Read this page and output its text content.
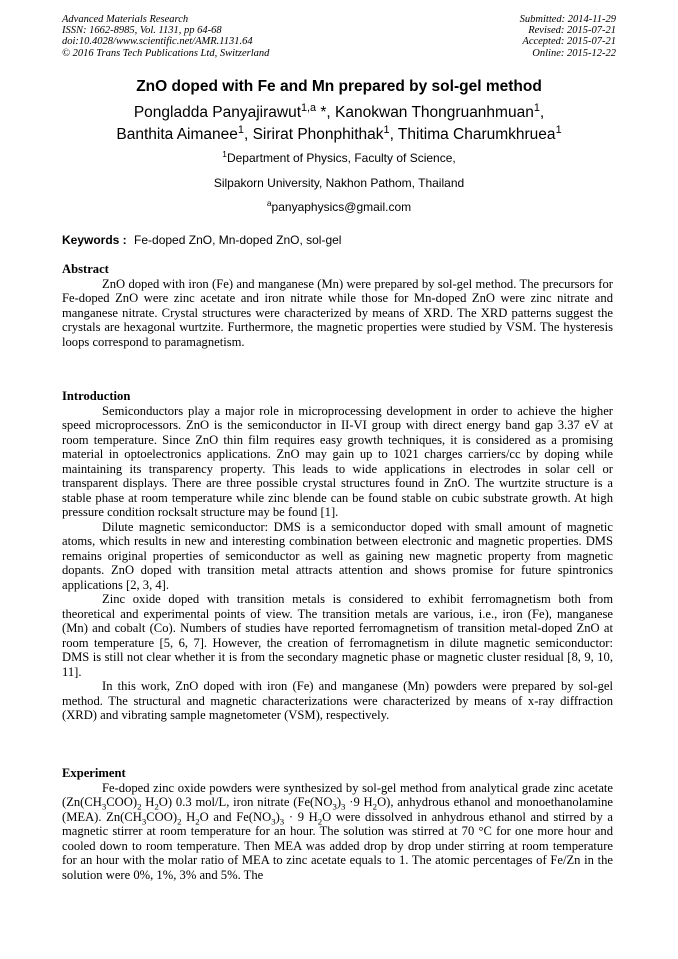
Advanced Materials Research
ISSN: 1662-8985, Vol. 1131, pp 64-68
doi:10.4028/www.scientific.net/AMR.1131.64
© 2016 Trans Tech Publications Ltd, Switzerland
Submitted: 2014-11-29
Revised: 2015-07-21
Accepted: 2015-07-21
Online: 2015-12-22
ZnO doped with Fe and Mn prepared by sol-gel method
Pongladda Panyajirawut$^{1,a}$ *, Kanokwan Thongruanhmuan$^1$,
Banthita Aimanee$^1$, Sirirat Phonphithak$^1$, Thitima Charumkhruea$^1$
$^1$Department of Physics, Faculty of Science,
Silpakorn University, Nakhon Pathom, Thailand
$^a$panyaphysics@gmail.com
Keywords : Fe-doped ZnO, Mn-doped ZnO, sol-gel
Abstract

ZnO doped with iron (Fe) and manganese (Mn) were prepared by sol-gel method. The precursors for Fe-doped ZnO were zinc acetate and iron nitrate while those for Mn-doped ZnO were zinc nitrate and manganese nitrate. Crystal structures were characterized by means of XRD. The XRD patterns suggest the crystals are hexagonal wurtzite. Furthermore, the magnetic properties were studied by VSM. The hysteresis loops correspond to paramagnetism.

Introduction

Semiconductors play a major role in microprocessing development in order to achieve the higher speed microprocessors. ZnO is the semiconductor in II-VI group with direct energy band gap 3.37 eV at room temperature. Since ZnO thin film requires easy growth techniques, it is considered as a promising material in optoelectronics applications. ZnO may gain up to 1021 charges carriers/cc by doping while maintaining its transparency property. This leads to wide applications in electrodes in solar cell or transparent displays. There are three possible crystal structures found in ZnO. The wurtzite structure is a stable phase at room temperature while zinc blende can be found stable on cubic substrate growth. At high pressure condition rocksalt structure may be found [1].

Dilute magnetic semiconductor: DMS is a semiconductor doped with small amount of magnetic atoms, which results in new and interesting combination between electronic and magnetic properties. DMS remains original properties of semiconductor as well as gaining new magnetic property from magnetic dopants. ZnO doped with transition metal attracts attention and shows promise for future spintronics applications [2, 3, 4].

Zinc oxide doped with transition metals is considered to exhibit ferromagnetism both from theoretical and experimental points of view. The transition metals are various, i.e., iron (Fe), manganese (Mn) and cobalt (Co). Numbers of studies have reported ferromagnetism of transition metal-doped ZnO at room temperature [5, 6, 7]. However, the creation of ferromagnetism in dilute magnetic semiconductor: DMS is still not clear whether it is from the secondary magnetic phase or magnetic cluster residual [8, 9, 10, 11].

In this work, ZnO doped with iron (Fe) and manganese (Mn) powders were prepared by sol-gel method. The structural and magnetic characterizations were characterized by means of x-ray diffraction (XRD) and vibrating sample magnetometer (VSM), respectively.

Experiment

Fe-doped zinc oxide powders were synthesized by sol-gel method from analytical grade zinc acetate ($Zn(CH_3COO)_2$ $H_2O$) 0.3 mol/L, iron nitrate ($Fe(NO_3)_3 \cdot 9$ $H_2O$), anhydrous ethanol and monoethanolamine (MEA). $Zn(CH_3COO)_2$ $H_2O$ and $Fe(NO_3)_3 \cdot 9$ $H_2O$ were dissolved in anhydrous ethanol and stirred by a magnetic stirrer at room temperature for an hour. The solution was stirred at 70 °C for one more hour and cooled down to room temperature. Then MEA was added drop by drop under stirring at room temperature for an hour with the molar ratio of MEA to zinc acetate equals to 1. The atomic percentages of Fe/Zn in the solution were 0%, 1%, 3% and 5%. The
